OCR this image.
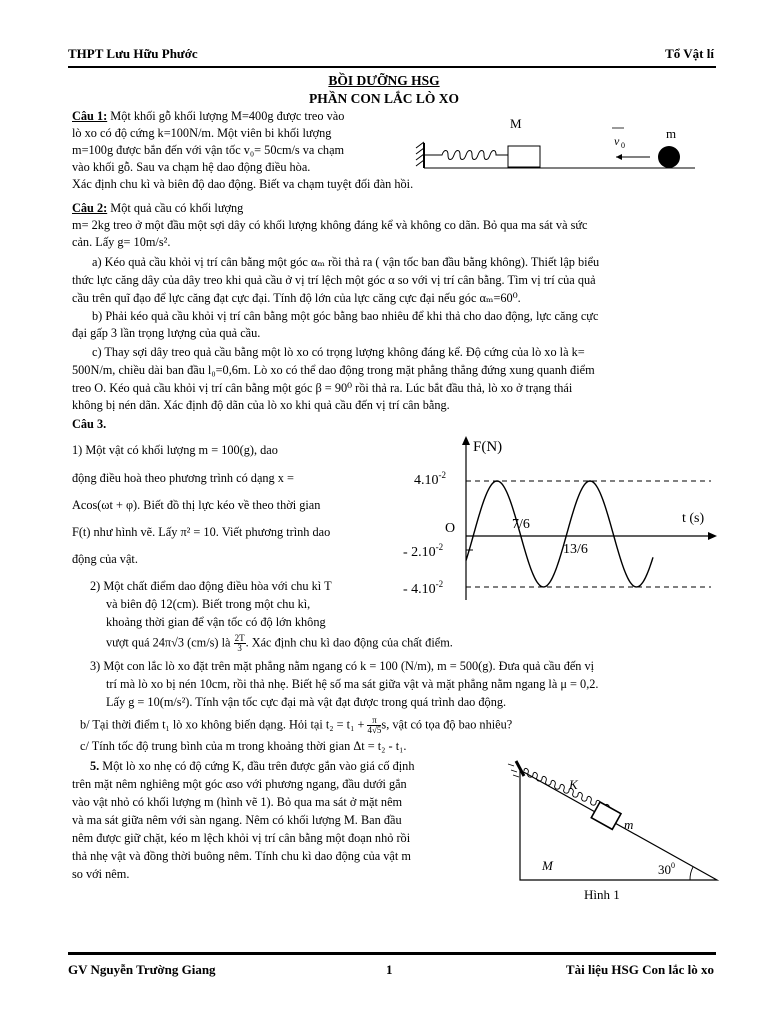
THPT Lưu Hữu Phước	Tổ Vật lí
BỒI DƯỠNG HSG
PHẦN CON LẮC LÒ XO
Câu 1: Một khối gỗ khối lượng M=400g được treo vào
lò xo có độ cứng k=100N/m. Một viên bi khối lượng
m=100g được bắn đến với vận tốc v₀= 50cm/s va chạm
vào khối gỗ. Sau va chạm hệ dao động điều hòa.
Xác định chu kì và biên độ dao động. Biết va chạm tuyệt đối đàn hồi.
M
m
v 0
Câu 2: Một quả cầu có khối lượng
m= 2kg treo ở một đầu một sợi dây có khối lượng không đáng kể và không co dãn. Bỏ qua ma sát và sức
cản. Lấy g= 10m/s².
a) Kéo quả cầu khỏi vị trí cân bằng một góc αₘ rồi thả ra ( vận tốc ban đầu bằng không). Thiết lập biểu
thức lực căng dây của dây treo khi quả cầu ở vị trí lệch một góc α so với vị trí cân bằng. Tìm vị trí của quả
cầu trên quĩ đạo để lực căng đạt cực đại. Tính độ lớn của lực căng cực đại nếu góc αₘ=60⁰.
b) Phải kéo quả cầu khỏi vị trí cân bằng một góc bằng bao nhiêu để khi thả cho dao động, lực căng cực
đại gấp 3 lần trọng lượng của quả cầu.
c) Thay sợi dây treo quả cầu bằng một lò xo có trọng lượng không đáng kể. Độ cứng của lò xo là k=
500N/m, chiều dài ban đầu l₀=0,6m. Lò xo có thể dao động trong mặt phẳng thẳng đứng xung quanh điểm
treo O. Kéo quả cầu khỏi vị trí cân bằng một góc β = 90⁰ rồi thả ra. Lúc bắt đầu thả, lò xo ở trạng thái
không bị nén dãn. Xác định độ dãn của lò xo khi quả cầu đến vị trí cân bằng.
Câu 3.
1) Một vật có khối lượng m = 100(g), dao
động điều hoà theo phương trình có dạng x =
Acos(ωt + φ). Biết đồ thị lực kéo về theo thời gian
F(t) như hình vẽ. Lấy π² = 10. Viết phương trình dao
động của vật.
F(N)
t (s)
O
$4.10^{-2}$
- $2.10^{-2}$
- $4.10^{-2}$
7/6
13/6
2) Một chất điểm dao động điều hòa với chu kì T
và biên độ 12(cm). Biết trong một chu kì,
khoảng thời gian để vận tốc có độ lớn không
vượt quá 24π√3 (cm/s) là $\frac{2T}{3}$ . Xác định chu kì dao động của chất điểm.
3) Một con lắc lò xo đặt trên mặt phẳng nằm ngang có k = 100 (N/m), m = 500(g). Đưa quả cầu đến vị
trí mà lò xo bị nén 10cm, rồi thả nhẹ. Biết hệ số ma sát giữa vật và mặt phẳng nằm ngang là μ = 0,2.
Lấy g = 10(m/s²). Tính vận tốc cực đại mà vật đạt được trong quá trình dao động.
b/ Tại thời điểm t₁ lò xo không biến dạng. Hỏi tại $t_2 = t_1 + \frac{\pi}{4√5} s$, vật có tọa độ bao nhiêu?
c/ Tính tốc độ trung bình của m trong khoảng thời gian Δt = t₂ - t₁.
5. Một lò xo nhẹ có độ cứng K, đầu trên được gắn vào giá cố định
trên mặt nêm nghiêng một góc αso với phương ngang, đầu dưới gắn
vào vật nhỏ có khối lượng m (hình vẽ 1). Bỏ qua ma sát ở mặt nêm
và ma sát giữa nêm với sàn ngang. Nêm có khối lượng M. Ban đầu
nêm được giữ chặt, kéo m lệch khỏi vị trí cân bằng một đoạn nhỏ rồi
thả nhẹ vật và đồng thời buông nêm. Tính chu kì dao động của vật m
so với nêm.
K
m
M	$30^0$
Hình 1
GV Nguyễn Trường Giang	1	Tài liệu HSG Con lắc lò xo
